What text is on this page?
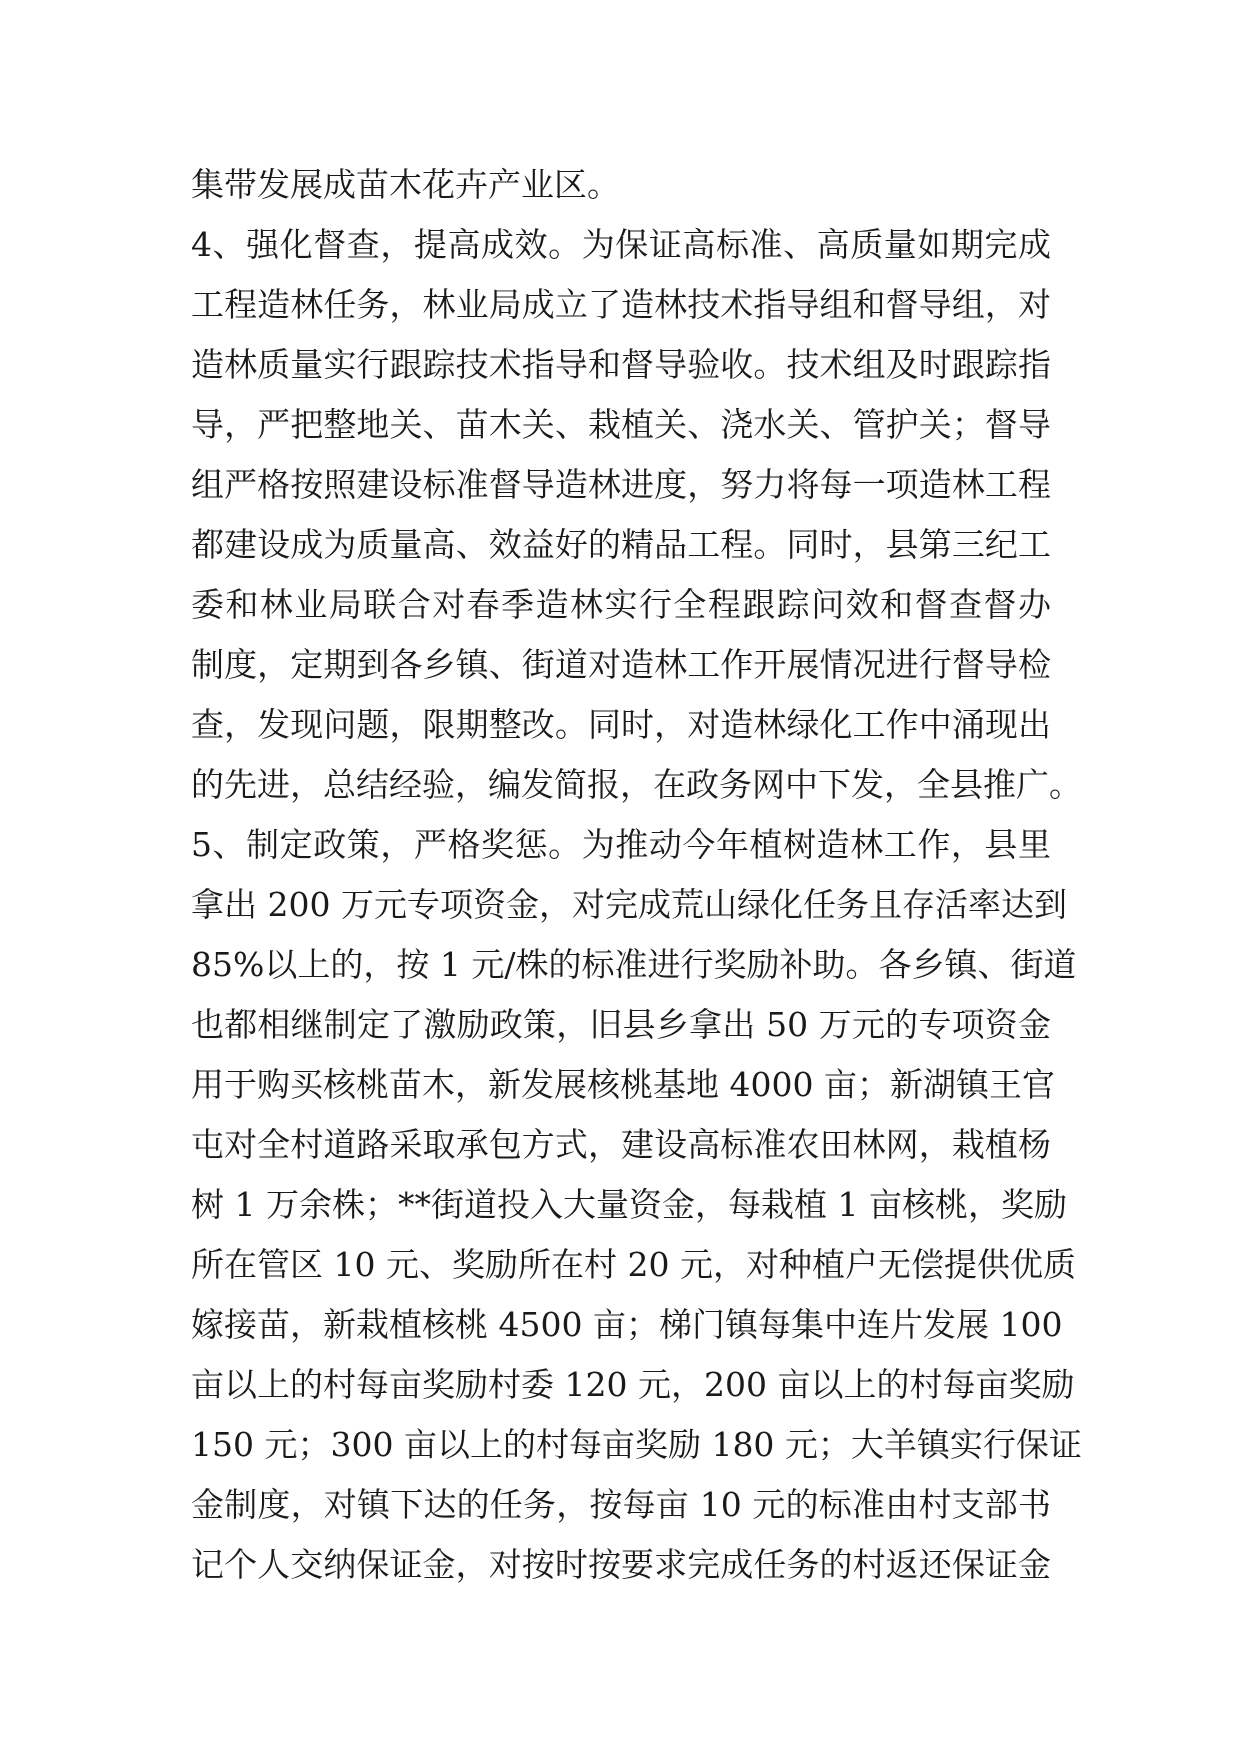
集带发展成苗木花卉产业区。
4、强化督查，提高成效。为保证高标准、高质量如期完成
工程造林任务，林业局成立了造林技术指导组和督导组，对
造林质量实行跟踪技术指导和督导验收。技术组及时跟踪指
导，严把整地关、苗木关、栽植关、浇水关、管护关；督导
组严格按照建设标准督导造林进度，努力将每一项造林工程
都建设成为质量高、效益好的精品工程。同时，县第三纪工
委和林业局联合对春季造林实行全程跟踪问效和督查督办
制度，定期到各乡镇、街道对造林工作开展情况进行督导检
查，发现问题，限期整改。同时，对造林绿化工作中涌现出
的先进，总结经验，编发简报，在政务网中下发，全县推广。
5、制定政策，严格奖惩。为推动今年植树造林工作，县里
拿出 200 万元专项资金，对完成荒山绿化任务且存活率达到
85%以上的，按 1 元/株的标准进行奖励补助。各乡镇、街道
也都相继制定了激励政策，旧县乡拿出 50 万元的专项资金
用于购买核桃苗木，新发展核桃基地 4000 亩；新湖镇王官
屯对全村道路采取承包方式，建设高标准农田林网，栽植杨
树 1 万余株；**街道投入大量资金，每栽植 1 亩核桃，奖励
所在管区 10 元、奖励所在村 20 元，对种植户无偿提供优质
嫁接苗，新栽植核桃 4500 亩；梯门镇每集中连片发展 100
亩以上的村每亩奖励村委 120 元，200 亩以上的村每亩奖励
150 元；300 亩以上的村每亩奖励 180 元；大羊镇实行保证
金制度，对镇下达的任务，按每亩 10 元的标准由村支部书
记个人交纳保证金，对按时按要求完成任务的村返还保证金
